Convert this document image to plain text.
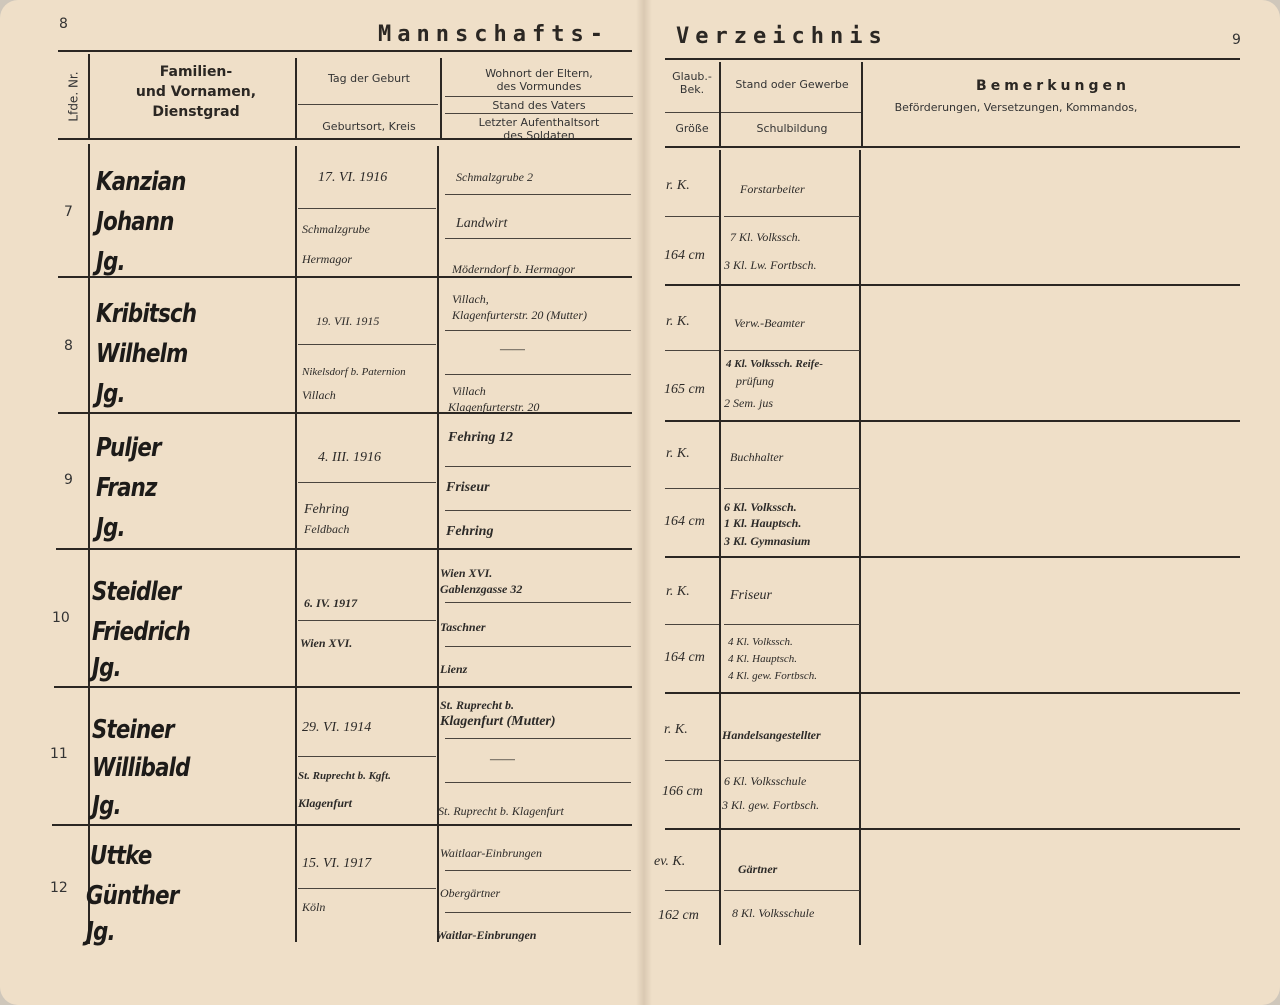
8
9
Mannschafts-	Verzeichnis
Lfde. Nr.	Familien-
und Vornamen,
Dienstgrad
Tag der Geburt
Geburtsort, Kreis
Wohnort der Eltern,
des Vormundes
Stand des Vaters
Letzter Aufenthaltsort
des Soldaten
Glaub.-
Bek.
Größe
Stand oder Gewerbe
Schulbildung
Bemerkungen
Beförderungen, Versetzungen, Kommandos,
7
Kanzian
Johann
Jg.
17. VI. 1916
Schmalzgrube
Hermagor
Schmalzgrube 2
Landwirt
Möderndorf b. Hermagor
r. K.
164 cm
Forstarbeiter
7 Kl. Volkssch.
3 Kl. Lw. Fortbsch.
8
Kribitsch
Wilhelm
Jg.
19. VII. 1915
Nikelsdorf b. Paternion
Villach
Villach,
Klagenfurterstr. 20 (Mutter)
——
Villach
Klagenfurterstr. 20
r. K.
165 cm
Verw.-Beamter
4 Kl. Volkssch. Reife-
prüfung
2 Sem. jus
9
Puljer
Franz
Jg.
4. III. 1916
Fehring
Feldbach
Fehring 12
Friseur
Fehring
r. K.
164 cm
Buchhalter
6 Kl. Volkssch.
1 Kl. Hauptsch.
3 Kl. Gymnasium
10
Steidler
Friedrich
Jg.
6. IV. 1917
Wien XVI.
Wien XVI.
Gablenzgasse 32
Taschner
Lienz
r. K.
164 cm
Friseur
4 Kl. Volkssch.
4 Kl. Hauptsch.
4 Kl. gew. Fortbsch.
11
Steiner
Willibald
Jg.
29. VI. 1914
St. Ruprecht b. Kgft.
Klagenfurt
St. Ruprecht b.
Klagenfurt (Mutter)
——
St. Ruprecht b. Klagenfurt
r. K.
166 cm
Handelsangestellter
6 Kl. Volksschule
3 Kl. gew. Fortbsch.
12
Uttke
Günther
Jg.
15. VI. 1917
Köln
Waitlaar-Einbrungen
Obergärtner
Waitlar-Einbrungen
ev. K.
162 cm
Gärtner
8 Kl. Volksschule
